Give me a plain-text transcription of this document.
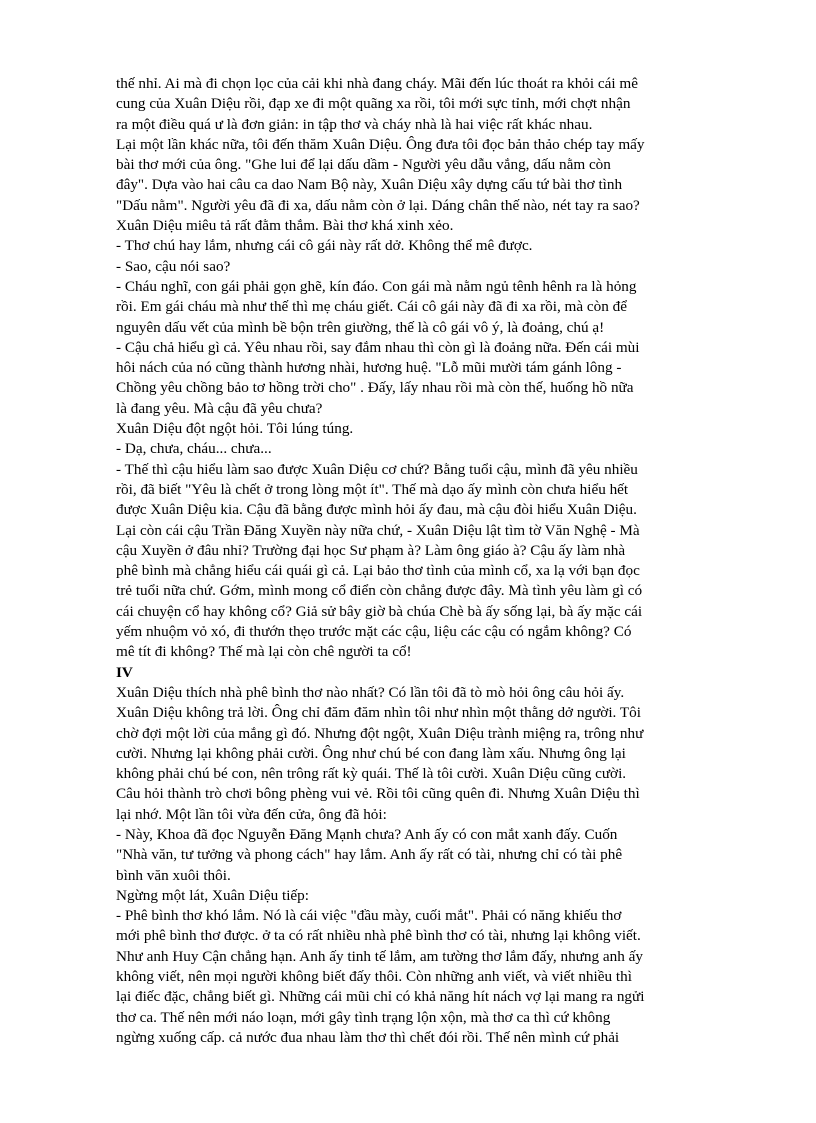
thế nhỉ. Ai mà đi chọn lọc của cải khi nhà đang cháy. Mãi đến lúc thoát ra khỏi cái mê
cung của Xuân Diệu rồi, đạp xe đi một quãng xa rồi, tôi mới sực tỉnh, mới chợt nhận
ra một điều quá ư là đơn giản: in tập thơ và cháy nhà là hai việc rất khác nhau.
Lại một lần khác nữa, tôi đến thăm Xuân Diệu. Ông đưa tôi đọc bản thảo chép tay mấy
bài thơ mới của ông. "Ghe lui để lại dấu dầm - Người yêu dẫu vắng, dấu nằm còn
đây". Dựa vào hai câu ca dao Nam Bộ này, Xuân Diệu xây dựng cấu tứ bài thơ tình
"Dấu nằm". Người yêu đã đi xa, dấu nằm còn ở lại. Dáng chân thế nào, nét tay ra sao?
Xuân Diệu miêu tả rất đằm thắm. Bài thơ khá xinh xẻo.
- Thơ chú hay lắm, nhưng cái cô gái này rất dở. Không thể mê được.
- Sao, cậu nói sao?
- Cháu nghĩ, con gái phải gọn ghẽ, kín đáo. Con gái mà nằm ngủ tênh hênh ra là hỏng
rồi. Em gái cháu mà như thế thì mẹ cháu giết. Cái cô gái này đã đi xa rồi, mà còn để
nguyên dấu vết của mình bề bộn trên giường, thế là cô gái vô ý, là đoảng, chú ạ!
- Cậu chả hiểu gì cả. Yêu nhau rồi, say đắm nhau thì còn gì là đoảng nữa. Đến cái mùi
hôi nách của nó cũng thành hương nhài, hương huệ. "Lỗ mũi mười tám gánh lông -
Chồng yêu chồng bảo tơ hồng trời cho" . Đấy, lấy nhau rồi mà còn thế, huống hồ nữa
là đang yêu. Mà cậu đã yêu chưa?
Xuân Diệu đột ngột hỏi. Tôi lúng túng.
- Dạ, chưa, cháu... chưa...
- Thế thì cậu hiểu làm sao được Xuân Diệu cơ chứ? Bằng tuổi cậu, mình đã yêu nhiều
rồi, đã biết "Yêu là chết ở trong lòng một ít". Thế mà dạo ấy mình còn chưa hiểu hết
được Xuân Diệu kia. Cậu đã bằng được mình hỏi ấy đau, mà cậu đòi hiểu Xuân Diệu.
Lại còn cái cậu Trần Đăng Xuyền này nữa chứ, - Xuân Diệu lật tìm tờ Văn Nghệ - Mà
cậu Xuyền ở đâu nhỉ? Trường đại học Sư phạm à? Làm ông giáo à? Cậu ấy làm nhà
phê bình mà chẳng hiểu cái quái gì cả. Lại bảo thơ tình của mình cổ, xa lạ với bạn đọc
trẻ tuổi nữa chứ. Gớm, mình mong cổ điển còn chẳng được đây. Mà tình yêu làm gì có
cái chuyện cổ hay không cổ? Giả sử bây giờ bà chúa Chè bà ấy sống lại, bà ấy mặc cái
yếm nhuộm vỏ xó, đi thướn thẹo trước mặt các cậu, liệu các cậu có ngắm không? Có
mê tít đi không? Thế mà lại còn chê người ta cổ!
IV
Xuân Diệu thích nhà phê bình thơ nào nhất? Có lần tôi đã tò mò hỏi ông câu hỏi ấy.
Xuân Diệu không trả lời. Ông chỉ đăm đăm nhìn tôi như nhìn một thằng dở người. Tôi
chờ đợi một lời của mắng gì đó. Nhưng đột ngột, Xuân Diệu trành miệng ra, trông như
cười. Nhưng lại không phải cười. Ông như chú bé con đang làm xấu. Nhưng ông lại
không phải chú bé con, nên trông rất kỳ quái. Thế là tôi cười. Xuân Diệu cũng cười.
Câu hỏi thành trò chơi bông phèng vui vẻ. Rồi tôi cũng quên đi. Nhưng Xuân Diệu thì
lại nhớ. Một lần tôi vừa đến cửa, ông đã hỏi:
- Này, Khoa đã đọc Nguyễn Đăng Mạnh chưa? Anh ấy có con mắt xanh đấy. Cuốn
"Nhà văn, tư tưởng và phong cách" hay lắm. Anh ấy rất có tài, nhưng chỉ có tài phê
bình văn xuôi thôi.
Ngừng một lát, Xuân Diệu tiếp:
- Phê bình thơ khó lắm. Nó là cái việc "đầu mày, cuối mắt". Phải có năng khiếu thơ
mới phê bình thơ được. ở ta có rất nhiều nhà phê bình thơ có tài, nhưng lại không viết.
Như anh Huy Cận chẳng hạn. Anh ấy tinh tế lắm, am tường thơ lắm đấy, nhưng anh ấy
không viết, nên mọi người không biết đấy thôi. Còn những anh viết, và viết nhiều thì
lại điếc đặc, chẳng biết gì. Những cái mũi chỉ có khả năng hít nách vợ lại mang ra ngửi
thơ ca. Thế nên mới náo loạn, mới gây tình trạng lộn xộn, mà thơ ca thì cứ không
ngừng xuống cấp. cả nước đua nhau làm thơ thì chết đói rồi. Thế nên mình cứ phải
